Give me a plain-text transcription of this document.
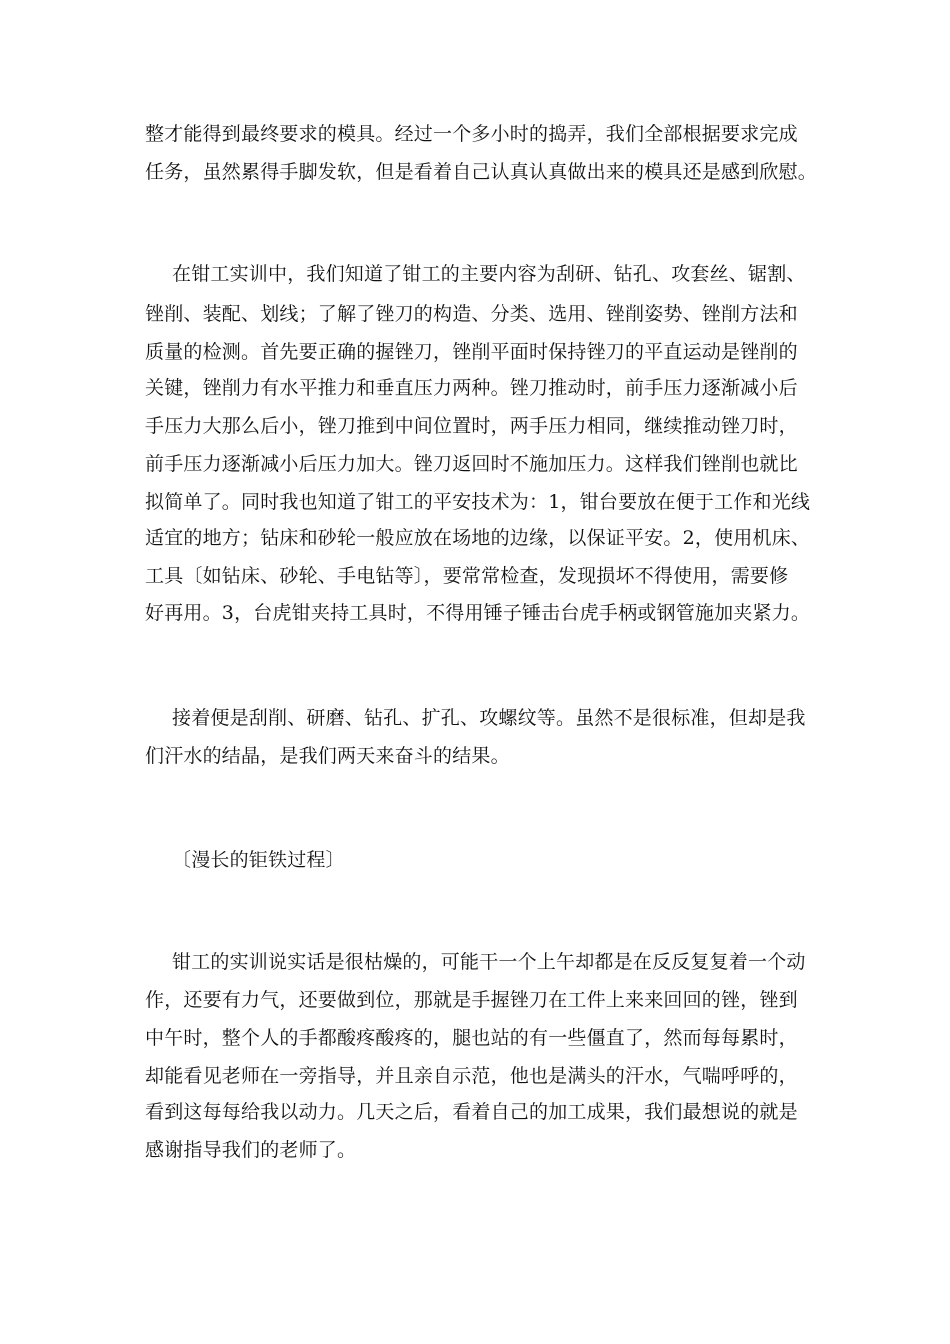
整才能得到最终要求的模具。经过一个多小时的捣弄，我们全部根据要求完成

任务，虽然累得手脚发软，但是看着自己认真认真做出来的模具还是感到欣慰。

在钳工实训中，我们知道了钳工的主要内容为刮研、钻孔、攻套丝、锯割、

锉削、装配、划线；了解了锉刀的构造、分类、选用、锉削姿势、锉削方法和

质量的检测。首先要正确的握锉刀，锉削平面时保持锉刀的平直运动是锉削的

关键，锉削力有水平推力和垂直压力两种。锉刀推动时，前手压力逐渐减小后

手压力大那么后小，锉刀推到中间位置时，两手压力相同，继续推动锉刀时，

前手压力逐渐减小后压力加大。锉刀返回时不施加压力。这样我们锉削也就比

拟简单了。同时我也知道了钳工的平安技术为：1，钳台要放在便于工作和光线

适宜的地方；钻床和砂轮一般应放在场地的边缘，以保证平安。2，使用机床、

工具〔如钻床、砂轮、手电钻等〕，要常常检查，发现损坏不得使用，需要修

好再用。3，台虎钳夹持工具时，不得用锤子锤击台虎手柄或钢管施加夹紧力。

接着便是刮削、研磨、钻孔、扩孔、攻螺纹等。虽然不是很标准，但却是我

们汗水的结晶，是我们两天来奋斗的结果。

〔漫长的钜铁过程〕

钳工的实训说实话是很枯燥的，可能干一个上午却都是在反反复复着一个动

作，还要有力气，还要做到位，那就是手握锉刀在工件上来来回回的锉，锉到

中午时，整个人的手都酸疼酸疼的，腿也站的有一些僵直了，然而每每累时，

却能看见老师在一旁指导，并且亲自示范，他也是满头的汗水，气喘呼呼的，

看到这每每给我以动力。几天之后，看着自己的加工成果，我们最想说的就是

感谢指导我们的老师了。
